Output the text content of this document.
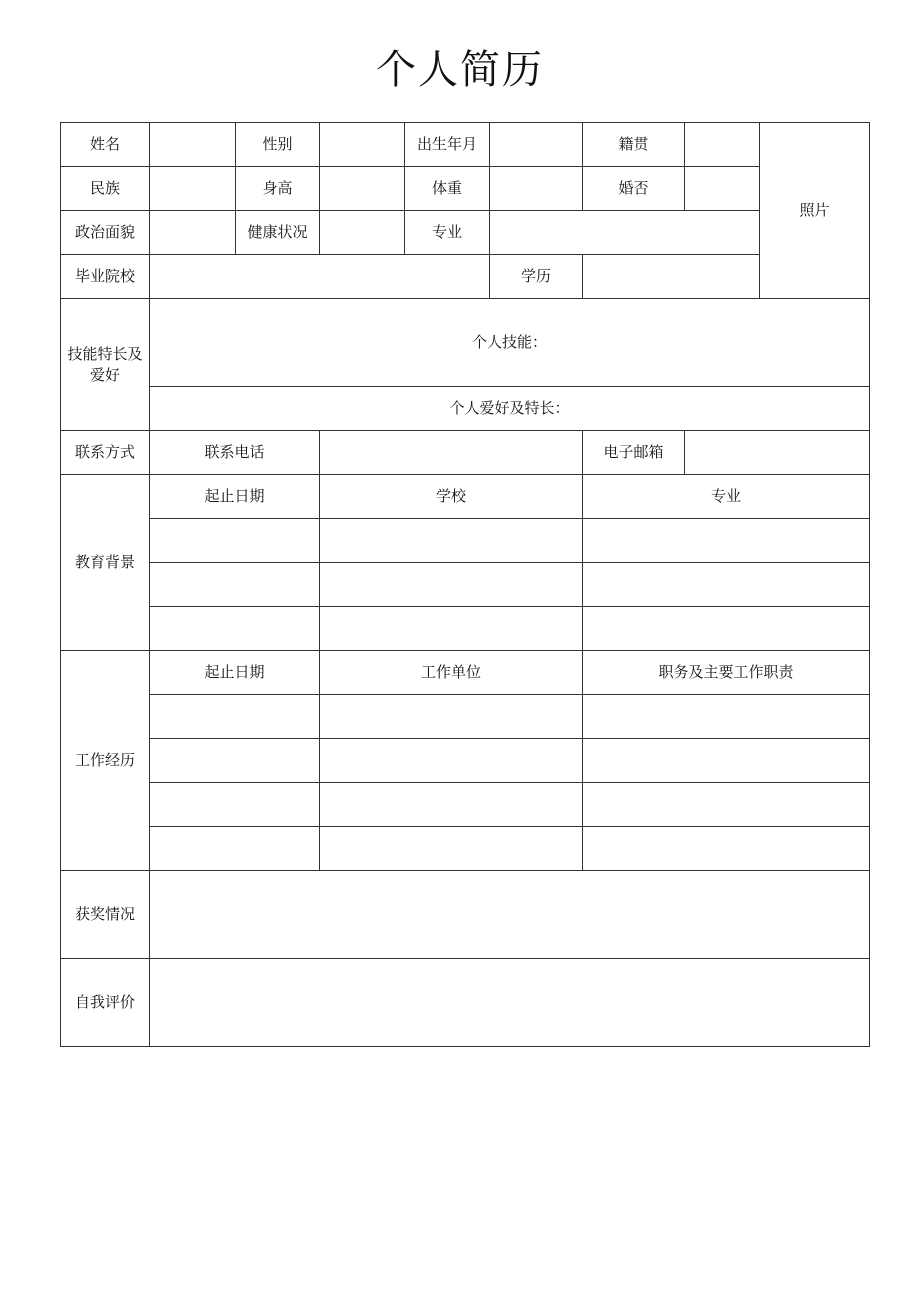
个人简历
姓名		性别		出生年月		籍贯		照片
民族		身高		体重		婚否		
政治面貌		健康状况		专业				
毕业院校					学历			
技能特长及爱好	个人技能：							
	个人爱好及特长：							
联系方式	联系电话					电子邮箱		
教育背景	起止日期		学校			专业		

工作经历	起止日期		工作单位			职务及主要工作职责		

获奖情况								
自我评价								
